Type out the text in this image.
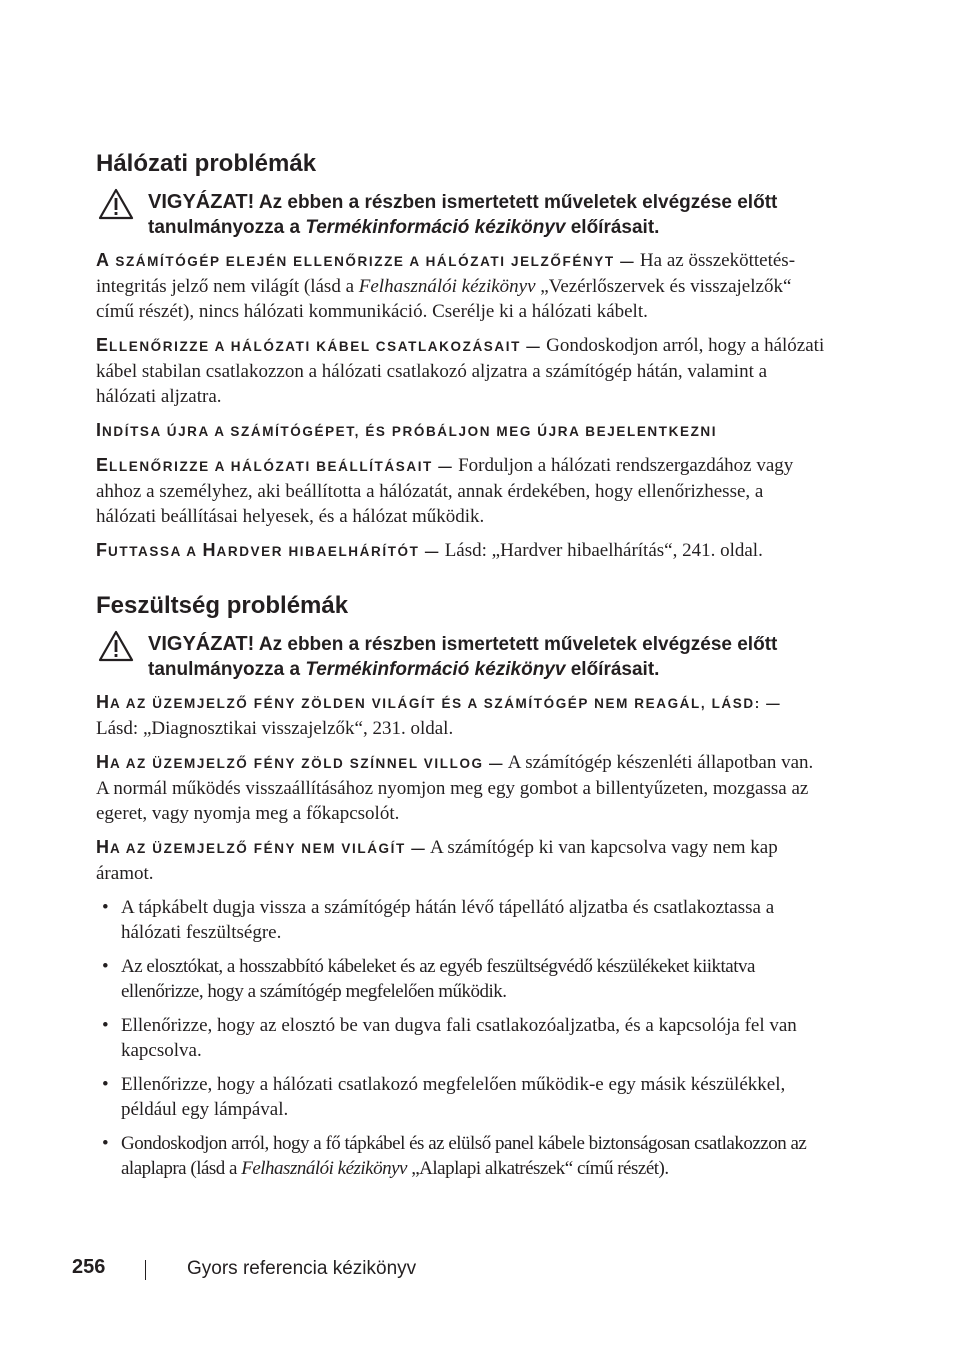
Hálózati problémák
VIGYÁZAT! Az ebben a részben ismertetett műveletek elvégzése előtt tanulmányozza a Termékinformáció kézikönyv előírásait.
A SZÁMÍTÓGÉP ELEJÉN ELLENŐRIZZE A HÁLÓZATI JELZŐFÉNYT — Ha az összeköttetés-integritás jelző nem világít (lásd a Felhasználói kézikönyv „Vezérlőszervek és visszajelzők“ című részét), nincs hálózati kommunikáció. Cserélje ki a hálózati kábelt.
ELLENŐRIZZE A HÁLÓZATI KÁBEL CSATLAKOZÁSAIT — Gondoskodjon arról, hogy a hálózati kábel stabilan csatlakozzon a hálózati csatlakozó aljzatra a számítógép hátán, valamint a hálózati aljzatra.
INDÍTSA ÚJRA A SZÁMÍTÓGÉPET, ÉS PRÓBÁLJON MEG ÚJRA BEJELENTKEZNI
ELLENŐRIZZE A HÁLÓZATI BEÁLLÍTÁSAIT — Forduljon a hálózati rendszergazdához vagy ahhoz a személyhez, aki beállította a hálózatát, annak érdekében, hogy ellenőrizhesse, a hálózati beállításai helyesek, és a hálózat működik.
FUTTASSA A HARDVER HIBAELHÁRÍTÓT — Lásd: „Hardver hibaelhárítás“, 241. oldal.
Feszültség problémák
VIGYÁZAT! Az ebben a részben ismertetett műveletek elvégzése előtt tanulmányozza a Termékinformáció kézikönyv előírásait.
HA AZ ÜZEMJELZŐ FÉNY ZÖLDEN VILÁGÍT ÉS A SZÁMÍTÓGÉP NEM REAGÁL, LÁSD: — Lásd: „Diagnosztikai visszajelzők“, 231. oldal.
HA AZ ÜZEMJELZŐ FÉNY ZÖLD SZÍNNEL VILLOG — A számítógép készenléti állapotban van. A normál működés visszaállításához nyomjon meg egy gombot a billentyűzeten, mozgassa az egeret, vagy nyomja meg a főkapcsolót.
HA AZ ÜZEMJELZŐ FÉNY NEM VILÁGÍT — A számítógép ki van kapcsolva vagy nem kap áramot.
• A tápkábelt dugja vissza a számítógép hátán lévő tápellátó aljzatba és csatlakoztassa a hálózati feszültségre.
• Az elosztókat, a hosszabbító kábeleket és az egyéb feszültségvédő készülékeket kiiktatva ellenőrizze, hogy a számítógép megfelelően működik.
• Ellenőrizze, hogy az elosztó be van dugva fali csatlakozóaljzatba, és a kapcsolója fel van kapcsolva.
• Ellenőrizze, hogy a hálózati csatlakozó megfelelően működik-e egy másik készülékkel, például egy lámpával.
• Gondoskodjon arról, hogy a fő tápkábel és az elülső panel kábele biztonságosan csatlakozzon az alaplapra (lásd a Felhasználói kézikönyv „Alaplapi alkatrészek“ című részét).
256	Gyors referencia kézikönyv
